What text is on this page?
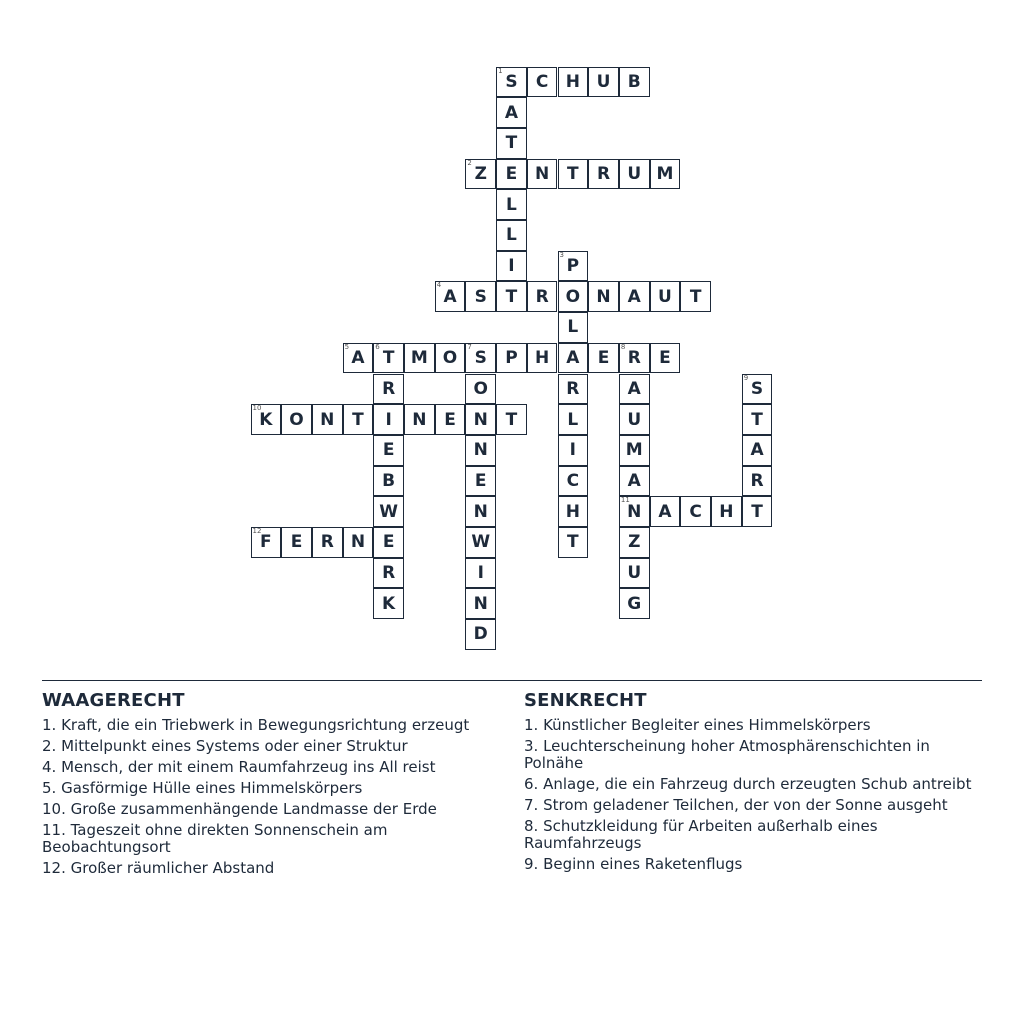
1
S	C	H U	B
A
T
E
L
L
I
T
2
Z	N	T	R	U M
3
P
O
L
A
R
L
I
C
H
T
4
A	S	R	N	A	U	T
5
A
6
T M O
7
S	P	H	E
8
R	E
R
I
E
B
W
E
R
K
O
N
N
E
N
W
I
N
D
A
U
M
A
11
N
Z
U
G
9
S
T
A
R
T
10
K O N	T	N	E	T
A	C	H
12
F	E	R	N
WAAGERECHT
1. Kraft, die ein Triebwerk in Bewegungsrichtung erzeugt
2. Mittelpunkt eines Systems oder einer Struktur
4. Mensch, der mit einem Raumfahrzeug ins All reist
5. Gasförmige Hülle eines Himmelskörpers
10. Große zusammenhängende Landmasse der Erde
11. Tageszeit ohne direkten Sonnenschein am Beobachtungsort
12. Großer räumlicher Abstand
SENKRECHT
1. Künstlicher Begleiter eines Himmelskörpers
3. Leuchterscheinung hoher Atmosphärenschichten in Polnähe
6. Anlage, die ein Fahrzeug durch erzeugten Schub antreibt
7. Strom geladener Teilchen, der von der Sonne ausgeht
8. Schutzkleidung für Arbeiten außerhalb eines Raumfahrzeugs
9. Beginn eines Raketenflugs
